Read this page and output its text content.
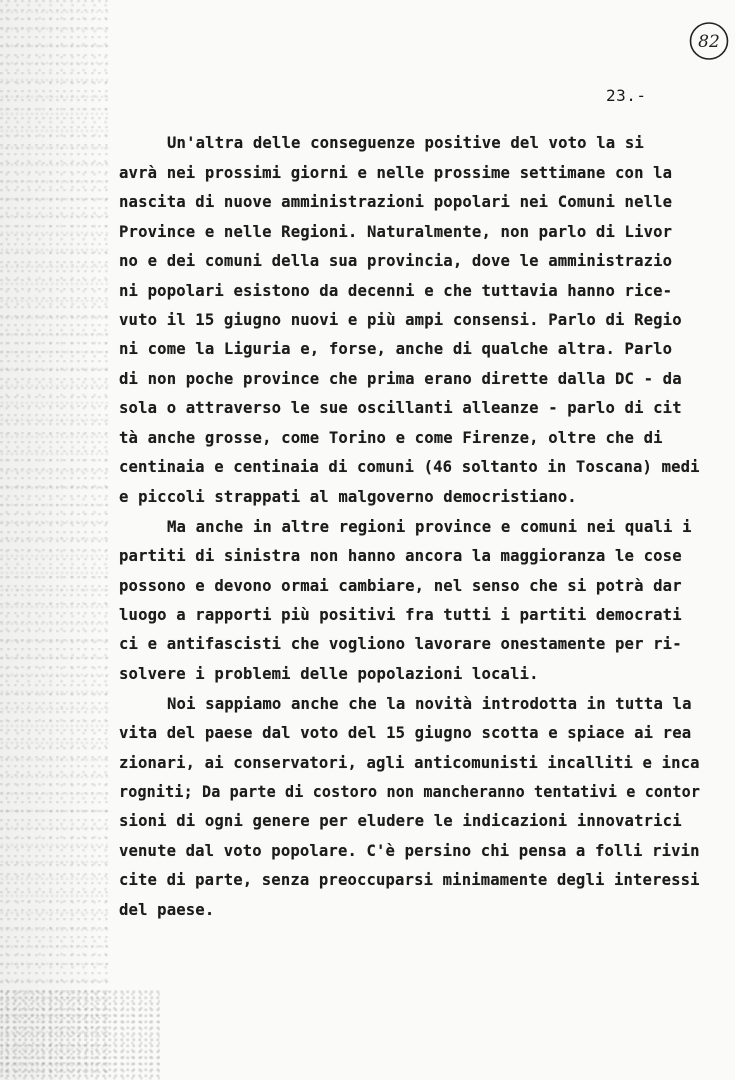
82
23.-
Un'altra delle conseguenze positive del voto la si
avrà nei prossimi giorni e nelle prossime settimane con la
nascita di nuove amministrazioni popolari nei Comuni nelle
Province e nelle Regioni. Naturalmente, non parlo di Livor
no e dei comuni della sua provincia, dove le amministrazio
ni popolari esistono da decenni e che tuttavia hanno rice-
vuto il 15 giugno nuovi e più ampi consensi. Parlo di Regio
ni come la Liguria e, forse, anche di qualche altra. Parlo
di non poche province che prima erano dirette dalla DC - da
sola o attraverso le sue oscillanti alleanze - parlo di cit
tà anche grosse, come Torino e come Firenze, oltre che di
centinaia e centinaia di comuni (46 soltanto in Toscana) medi
e piccoli strappati al malgoverno democristiano.
Ma anche in altre regioni province e comuni nei quali i
partiti di sinistra non hanno ancora la maggioranza le cose
possono e devono ormai cambiare, nel senso che si potrà dar
luogo a rapporti più positivi fra tutti i partiti democrati
ci e antifascisti che vogliono lavorare onestamente per ri-
solvere i problemi delle popolazioni locali.
Noi sappiamo anche che la novità introdotta in tutta la
vita del paese dal voto del 15 giugno scotta e spiace ai rea
zionari, ai conservatori, agli anticomunisti incalliti e inca
rogniti; Da parte di costoro non mancheranno tentativi e contor
sioni di ogni genere per eludere le indicazioni innovatrici
venute dal voto popolare. C'è persino chi pensa a folli rivin
cite di parte, senza preoccuparsi minimamente degli interessi
del paese.
